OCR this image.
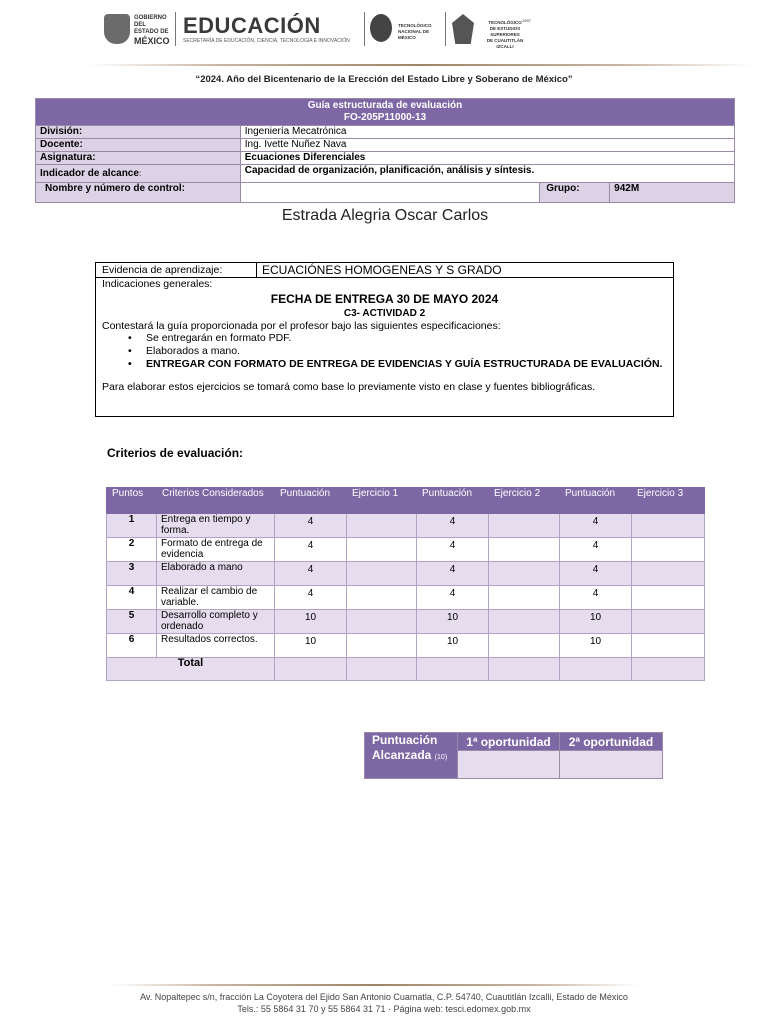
GOBIERNO DEL
ESTADO DE
MÉXICO
EDUCACIÓN
SECRETARÍA DE EDUCACIÓN, CIENCIA, TECNOLOGÍA E INNOVACIÓN
TECNOLÓGICO
NACIONAL DE MÉXICO
TECNOLÓGICO
DE ESTUDIOS SUPERIORES
DE CUAUTITLÁN IZCALLI
1997
“2024. Año del Bicentenario de la Erección del Estado Libre y Soberano de México”
Guía estructurada de evaluación
FO-205P11000-13			

División:	Ingeniería Mecatrónica		
Docente:	Ing. Ivette Nuñez Nava		
Asignatura:	Ecuaciones Diferenciales		
Indicador de alcance:	Capacidad de organización, planificación, análisis y síntesis.		
Nombre y número de control:		Grupo:	942M
Estrada Alegria Oscar Carlos
Evidencia de aprendizaje:	ECUACIÓNES HOMOGENEAS Y S GRADO
Indicaciones generales:
FECHA DE ENTREGA 30 DE MAYO 2024
C3- ACTIVIDAD 2
Contestará la guía proporcionada por el profesor bajo las siguientes especificaciones:
• Se entregarán en formato PDF.
• Elaborados a mano.
• ENTREGAR CON FORMATO DE ENTREGA DE EVIDENCIAS Y GUÍA ESTRUCTURADA DE EVALUACIÓN.
Para elaborar estos ejercicios se tomará como base lo previamente visto en clase y fuentes bibliográficas.
Criterios de evaluación:
Puntos	Criterios Considerados	Puntuación	Ejercicio 1	Puntuación	Ejercicio 2	Puntuación	Ejercicio 3
1	Entrega en tiempo y forma.	4		4		4	
2	Formato de entrega de evidencia	4		4		4	
3	Elaborado a mano	4		4		4	
4	Realizar el cambio de variable.	4		4		4	
5	Desarrollo completo y ordenado	10		10		10	
6	Resultados correctos.	10		10		10	
Total							
Puntuación Alcanzada (10)	1ª oportunidad	2ª oportunidad

Av. Nopaltepec s/n, fracción La Coyotera del Ejido San Antonio Cuamatla, C.P. 54740, Cuautitlán Izcalli, Estado de México
Tels.: 55 5864 31 70 y 55 5864 31 71 · Página web: tesci.edomex.gob.mx
